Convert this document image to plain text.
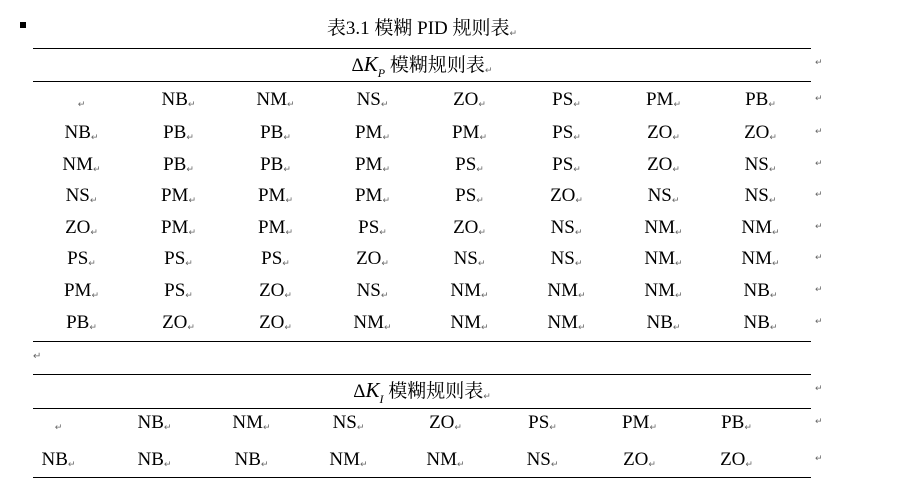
表3.1 模糊 PID 规则表↵
$\Delta K_P$ 模糊规则表↵
↵	NB↵	NM↵	NS↵	ZO↵	PS↵	PM↵	PB↵
↵
NB↵	PB↵	PB↵	PM↵	PM↵	PS↵	ZO↵	ZO↵
↵
NM↵	PB↵	PB↵	PM↵	PS↵	PS↵	ZO↵	NS↵
↵
NS↵	PM↵	PM↵	PM↵	PS↵	ZO↵	NS↵	NS↵
↵
ZO↵	PM↵	PM↵	PS↵	ZO↵	NS↵	NM↵	NM↵
↵
PS↵	PS↵	PS↵	ZO↵	NS↵	NS↵	NM↵	NM↵
↵
PM↵	PS↵	ZO↵	NS↵	NM↵	NM↵	NM↵	NB↵
↵
PB↵	ZO↵	ZO↵	NM↵	NM↵	NM↵	NB↵	NB↵
↵
↵
$\Delta K_I$ 模糊规则表↵
↵	NB↵	NM↵	NS↵	ZO↵	PS↵	PM↵	PB↵
↵
NB↵	NB↵	NB↵	NM↵	NM↵	NS↵	ZO↵	ZO↵
↵
↵
↵
